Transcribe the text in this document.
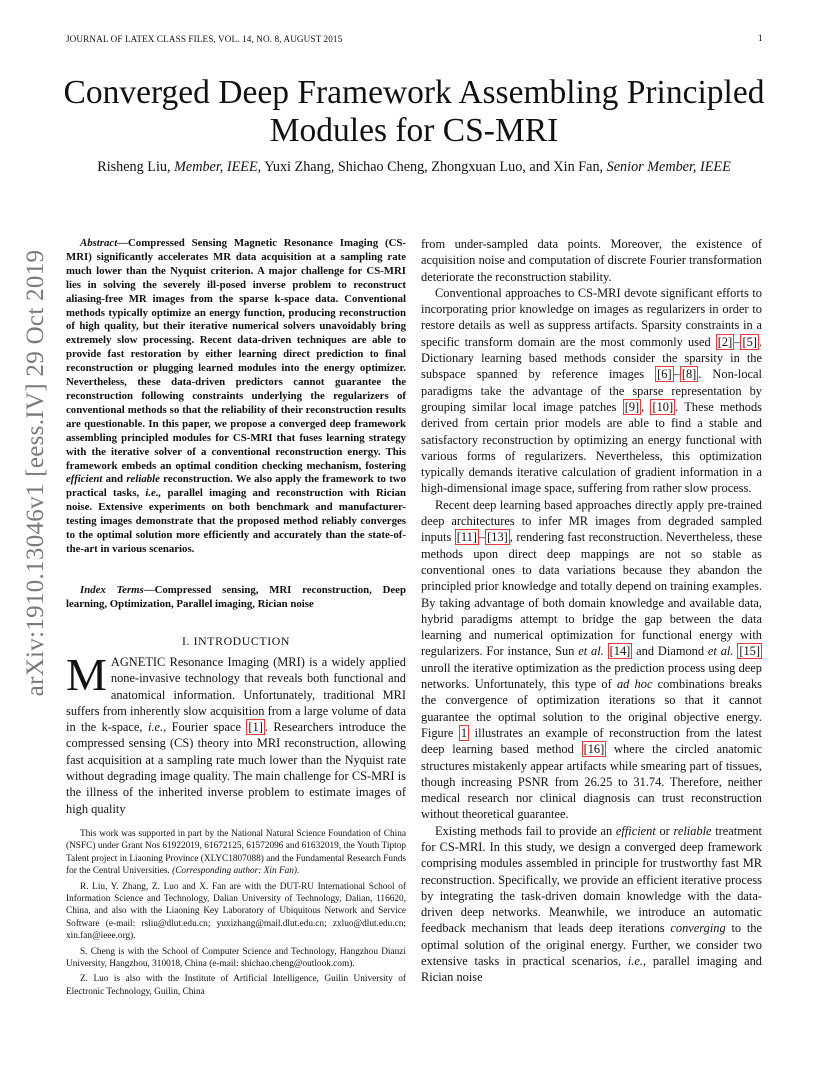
JOURNAL OF LATEX CLASS FILES, VOL. 14, NO. 8, AUGUST 2015	1
arXiv:1910.13046v1 [eess.IV] 29 Oct 2019
Converged Deep Framework Assembling Principled Modules for CS-MRI
Risheng Liu, Member, IEEE, Yuxi Zhang, Shichao Cheng, Zhongxuan Luo, and Xin Fan, Senior Member, IEEE
Abstract—Compressed Sensing Magnetic Resonance Imaging (CS-MRI) significantly accelerates MR data acquisition at a sampling rate much lower than the Nyquist criterion. A major challenge for CS-MRI lies in solving the severely ill-posed inverse problem to reconstruct aliasing-free MR images from the sparse k-space data. Conventional methods typically optimize an energy function, producing reconstruction of high quality, but their iterative numerical solvers unavoidably bring extremely slow processing. Recent data-driven techniques are able to provide fast restoration by either learning direct prediction to final reconstruction or plugging learned modules into the energy optimizer. Nevertheless, these data-driven predictors cannot guarantee the reconstruction following constraints underlying the regularizers of conventional methods so that the reliability of their reconstruction results are questionable. In this paper, we propose a converged deep framework assembling principled modules for CS-MRI that fuses learning strategy with the iterative solver of a conventional reconstruction energy. This framework embeds an optimal condition checking mechanism, fostering efficient and reliable reconstruction. We also apply the framework to two practical tasks, i.e., parallel imaging and reconstruction with Rician noise. Extensive experiments on both benchmark and manufacturer-testing images demonstrate that the proposed method reliably converges to the optimal solution more efficiently and accurately than the state-of-the-art in various scenarios.
Index Terms—Compressed sensing, MRI reconstruction, Deep learning, Optimization, Parallel imaging, Rician noise
I. INTRODUCTION
MAGNETIC Resonance Imaging (MRI) is a widely applied none-invasive technology that reveals both functional and anatomical information. Unfortunately, traditional MRI suffers from inherently slow acquisition from a large volume of data in the k-space, i.e., Fourier space [1] . Researchers introduce the compressed sensing (CS) theory into MRI reconstruction, allowing fast acquisition at a sampling rate much lower than the Nyquist rate without degrading image quality. The main challenge for CS-MRI is the illness of the inherited inverse problem to estimate images of high quality

This work was supported in part by the National Natural Science Foundation of China (NSFC) under Grant Nos 61922019, 61672125, 61572096 and 61632019, the Youth Tiptop Talent project in Liaoning Province (XLYC1807088) and the Fundamental Research Funds for the Central Universities. (Corresponding author: Xin Fan).

R. Liu, Y. Zhang, Z. Luo and X. Fan are with the DUT-RU International School of Information Science and Technology, Dalian University of Technology, Dalian, 116620, China, and also with the Liaoning Key Laboratory of Ubiquitous Network and Service Software (e-mail: rsliu@dlut.edu.cn; yuxizhang@mail.dlut.edu.cn; zxluo@dlut.edu.cn; xin.fan@ieee.org).

S. Cheng is with the School of Computer Science and Technology, Hangzhou Dianzi University, Hangzhou, 310018, China (e-mail: shichao.cheng@outlook.com).

Z. Luo is also with the Institute of Artificial Intelligence, Guilin University of Electronic Technology, Guilin, China

from under-sampled data points. Moreover, the existence of acquisition noise and computation of discrete Fourier transformation deteriorate the reconstruction stability.

Conventional approaches to CS-MRI devote significant efforts to incorporating prior knowledge on images as regularizers in order to restore details as well as suppress artifacts. Sparsity constraints in a specific transform domain are the most commonly used [2] – [5] . Dictionary learning based methods consider the sparsity in the subspace spanned by reference images [6] – [8] . Non-local paradigms take the advantage of the sparse representation by grouping similar local image patches [9] , [10] . These methods derived from certain prior models are able to find a stable and satisfactory reconstruction by optimizing an energy functional with various forms of regularizers. Nevertheless, this optimization typically demands iterative calculation of gradient information in a high-dimensional image space, suffering from rather slow process.

Recent deep learning based approaches directly apply pre-trained deep architectures to infer MR images from degraded sampled inputs [11] – [13] , rendering fast reconstruction. Nevertheless, these methods upon direct deep mappings are not so stable as conventional ones to data variations because they abandon the principled prior knowledge and totally depend on training examples. By taking advantage of both domain knowledge and available data, hybrid paradigms attempt to bridge the gap between the data learning and numerical optimization for functional energy with regularizers. For instance, Sun et al. [14] and Diamond et al. [15] unroll the iterative optimization as the prediction process using deep networks. Unfortunately, this type of ad hoc combinations breaks the convergence of optimization iterations so that it cannot guarantee the optimal solution to the original objective energy. Figure 1 illustrates an example of reconstruction from the latest deep learning based method [16] where the circled anatomic structures mistakenly appear artifacts while smearing part of tissues, though increasing PSNR from 26.25 to 31.74. Therefore, neither medical research nor clinical diagnosis can trust reconstruction without theoretical guarantee.

Existing methods fail to provide an efficient or reliable treatment for CS-MRI. In this study, we design a converged deep framework comprising modules assembled in principle for trustworthy fast MR reconstruction. Specifically, we provide an efficient iterative process by integrating the task-driven domain knowledge with the data-driven deep networks. Meanwhile, we introduce an automatic feedback mechanism that leads deep iterations converging to the optimal solution of the original energy. Further, we consider two extensive tasks in practical scenarios, i.e., parallel imaging and Rician noise
